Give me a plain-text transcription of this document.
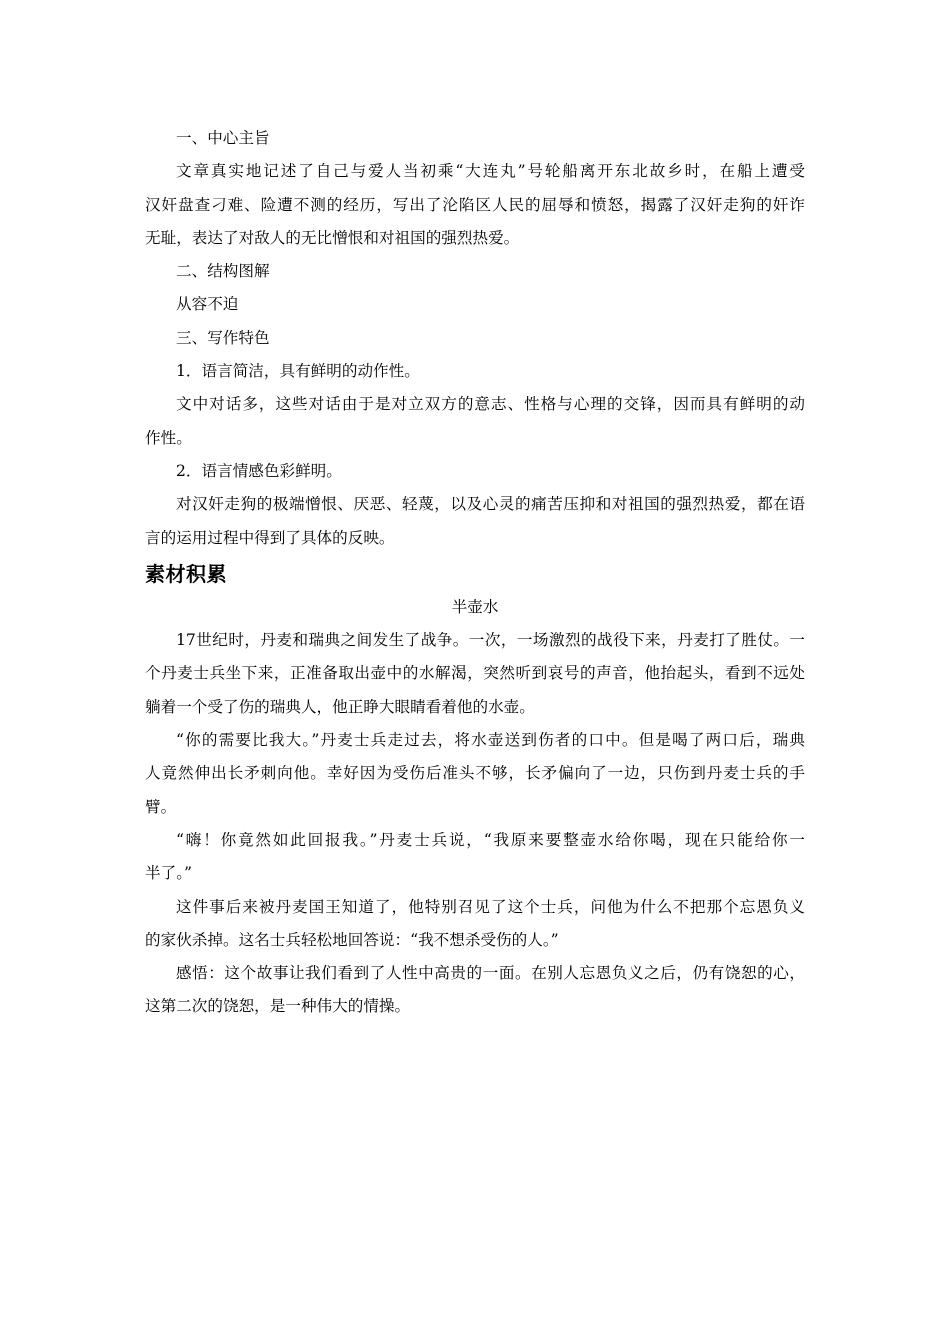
一、中心主旨
文章真实地记述了自己与爱人当初乘“大连丸”号轮船离开东北故乡时，在船上遭受
汉奸盘查刁难、险遭不测的经历，写出了沦陷区人民的屈辱和愤怒，揭露了汉奸走狗的奸诈
无耻，表达了对敌人的无比憎恨和对祖国的强烈热爱。
二、结构图解
从容不迫
三、写作特色
1．语言简洁，具有鲜明的动作性。
文中对话多，这些对话由于是对立双方的意志、性格与心理的交锋，因而具有鲜明的动
作性。
2．语言情感色彩鲜明。
对汉奸走狗的极端憎恨、厌恶、轻蔑，以及心灵的痛苦压抑和对祖国的强烈热爱，都在语
言的运用过程中得到了具体的反映。
素材积累
半壶水
17世纪时，丹麦和瑞典之间发生了战争。一次，一场激烈的战役下来，丹麦打了胜仗。一
个丹麦士兵坐下来，正准备取出壶中的水解渴，突然听到哀号的声音，他抬起头，看到不远处
躺着一个受了伤的瑞典人，他正睁大眼睛看着他的水壶。
“你的需要比我大。”丹麦士兵走过去，将水壶送到伤者的口中。但是喝了两口后，瑞典
人竟然伸出长矛刺向他。幸好因为受伤后准头不够，长矛偏向了一边，只伤到丹麦士兵的手
臂。
“嗨！你竟然如此回报我。”丹麦士兵说，“我原来要整壶水给你喝，现在只能给你一
半了。”
这件事后来被丹麦国王知道了，他特别召见了这个士兵，问他为什么不把那个忘恩负义
的家伙杀掉。这名士兵轻松地回答说：“我不想杀受伤的人。”
感悟：这个故事让我们看到了人性中高贵的一面。在别人忘恩负义之后，仍有饶恕的心，
这第二次的饶恕，是一种伟大的情操。
